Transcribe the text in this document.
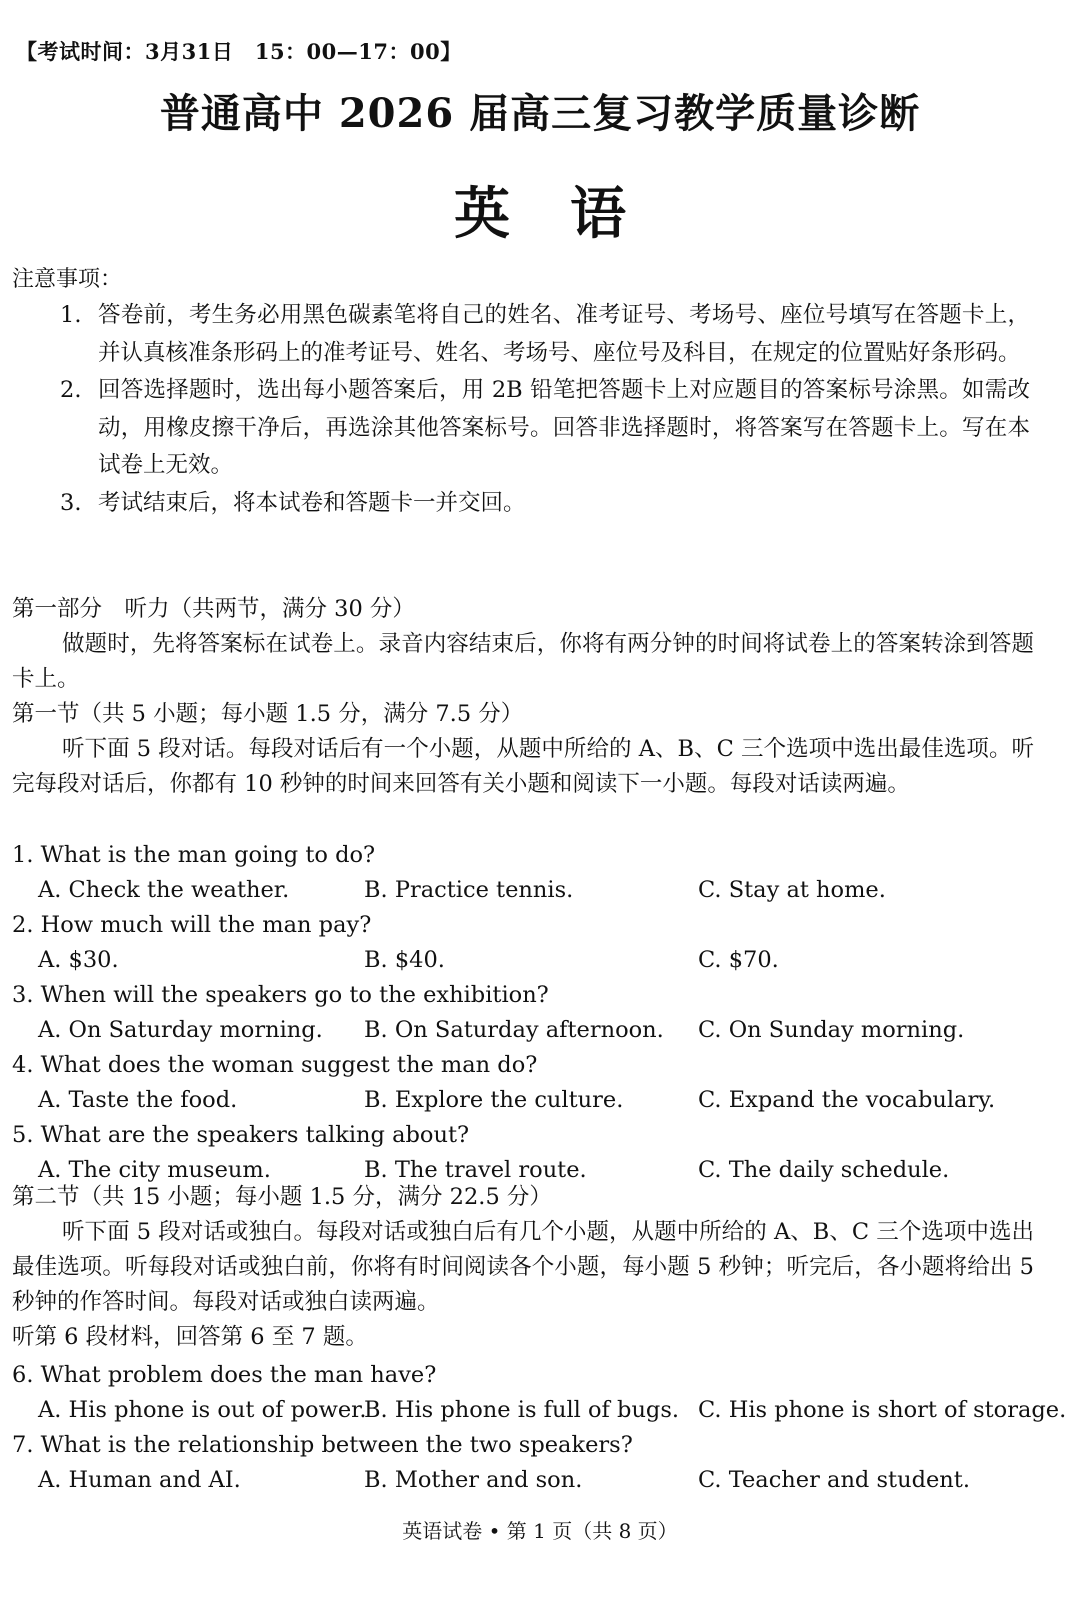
【考试时间：3月31日　15：00—17：00】
普通高中 2026 届高三复习教学质量诊断
英语
注意事项：
1. 答卷前，考生务必用黑色碳素笔将自己的姓名、准考证号、考场号、座位号填写在答题卡上，并认真核准条形码上的准考证号、姓名、考场号、座位号及科目，在规定的位置贴好条形码。
2. 回答选择题时，选出每小题答案后，用 2B 铅笔把答题卡上对应题目的答案标号涂黑。如需改动，用橡皮擦干净后，再选涂其他答案标号。回答非选择题时，将答案写在答题卡上。写在本试卷上无效。
3. 考试结束后，将本试卷和答题卡一并交回。
第一部分　听力（共两节，满分 30 分）
做题时，先将答案标在试卷上。录音内容结束后，你将有两分钟的时间将试卷上的答案转涂到答题卡上。
第一节（共 5 小题；每小题 1.5 分，满分 7.5 分）
听下面 5 段对话。每段对话后有一个小题，从题中所给的 A、B、C 三个选项中选出最佳选项。听完每段对话后，你都有 10 秒钟的时间来回答有关小题和阅读下一小题。每段对话读两遍。
1. What is the man going to do?
A. Check the weather.	B. Practice tennis.	C. Stay at home.
2. How much will the man pay?
A. $30.	B. $40.	C. $70.
3. When will the speakers go to the exhibition?
A. On Saturday morning. B. On Saturday afternoon. C. On Sunday morning.
4. What does the woman suggest the man do?
A. Taste the food.	B. Explore the culture.	C. Expand the vocabulary.
5. What are the speakers talking about?
A. The city museum.	B. The travel route.	C. The daily schedule.
第二节（共 15 小题；每小题 1.5 分，满分 22.5 分）
听下面 5 段对话或独白。每段对话或独白后有几个小题，从题中所给的 A、B、C 三个选项中选出最佳选项。听每段对话或独白前，你将有时间阅读各个小题，每小题 5 秒钟；听完后，各小题将给出 5 秒钟的作答时间。每段对话或独白读两遍。
听第 6 段材料，回答第 6 至 7 题。
6. What problem does the man have?
A. His phone is out of power.
B. His phone is full of bugs. C. His phone is short of storage.
7. What is the relationship between the two speakers?
A. Human and AI.	B. Mother and son.	C. Teacher and student.
英语试卷 • 第 1 页（共 8 页）
